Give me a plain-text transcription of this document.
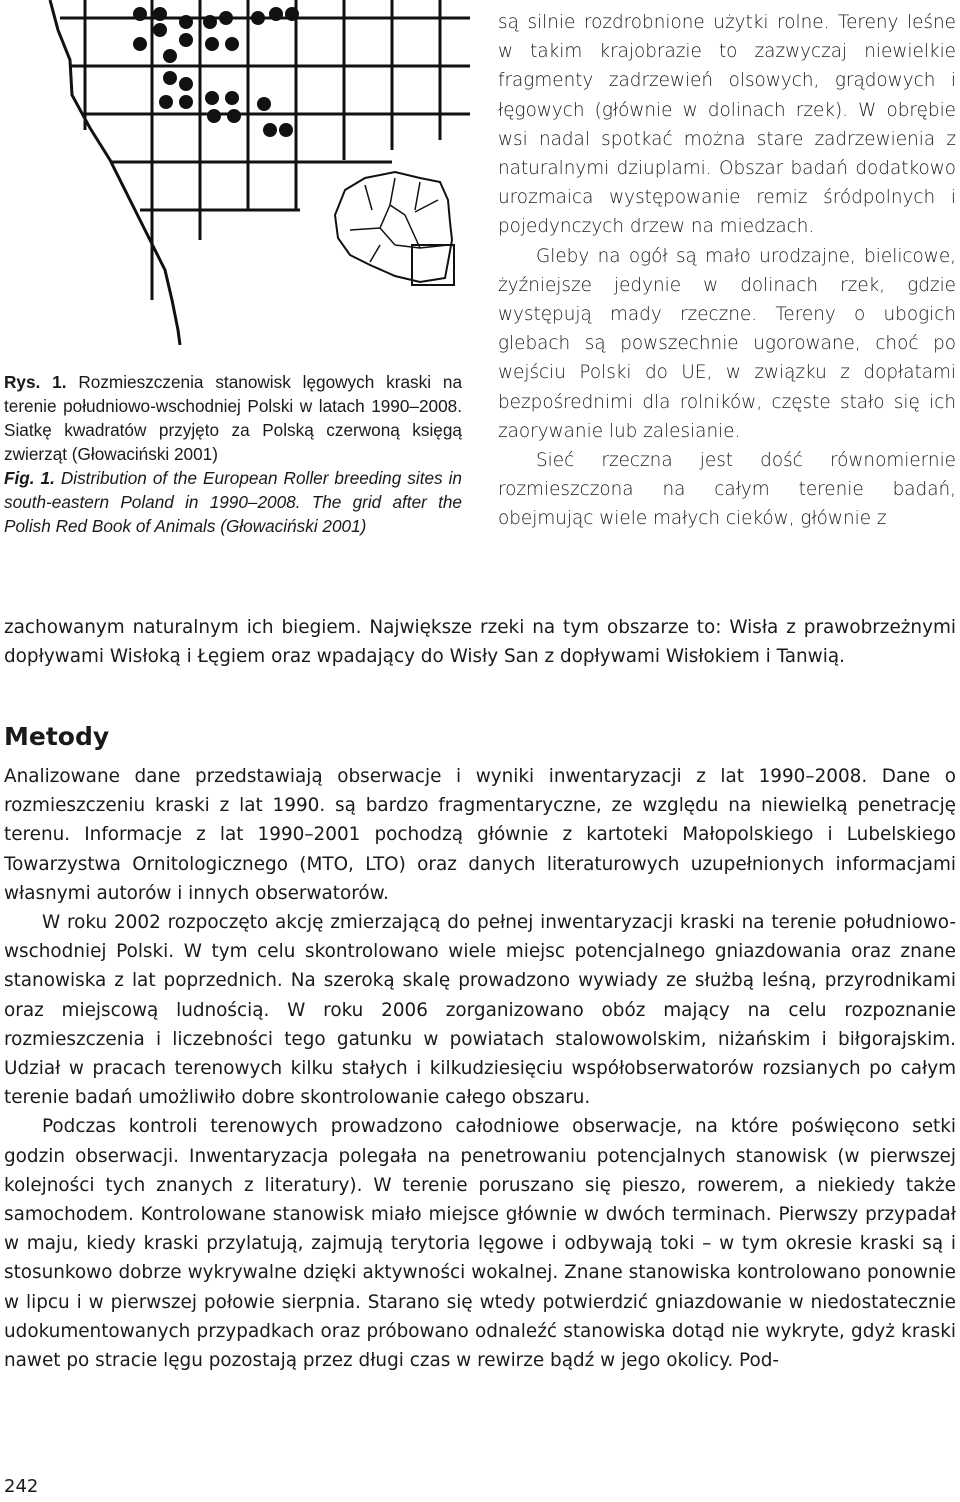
Rys. 1. Rozmieszczenia stanowisk lęgowych kraski na terenie południowo-wschodniej Polski w latach 1990–2008. Siatkę kwadratów przyjęto za Polską czerwoną księgą zwierząt (Głowaciński 2001)

Fig. 1. Distribution of the European Roller breeding sites in south-eastern Poland in 1990–2008. The grid after the Polish Red Book of Animals (Głowaciński 2001)

są silnie rozdrobnione użytki rolne. Tereny leśne w takim krajobrazie to zazwyczaj niewielkie fragmenty zadrzewień olsowych, grądowych i łęgowych (głównie w dolinach rzek). W obrębie wsi nadal spotkać można stare zadrzewienia z naturalnymi dziuplami. Obszar badań dodatkowo urozmaica występowanie remiz śródpolnych i pojedynczych drzew na miedzach.

Gleby na ogół są mało urodzajne, bielicowe, żyźniejsze jedynie w dolinach rzek, gdzie występują mady rzeczne. Tereny o ubogich glebach są powszechnie ugorowane, choć po wejściu Polski do UE, w związku z dopłatami bezpośrednimi dla rolników, częste stało się ich zaorywanie lub zalesianie.

Sieć rzeczna jest dość równomiernie rozmieszczona na całym terenie badań, obejmując wiele małych cieków, głównie z

zachowanym naturalnym ich biegiem. Największe rzeki na tym obszarze to: Wisła z prawobrzeżnymi dopływami Wisłoką i Łęgiem oraz wpadający do Wisły San z dopływami Wisłokiem i Tanwią.

Metody

Analizowane dane przedstawiają obserwacje i wyniki inwentaryzacji z lat 1990–2008. Dane o rozmieszczeniu kraski z lat 1990. są bardzo fragmentaryczne, ze względu na niewielką penetrację terenu. Informacje z lat 1990–2001 pochodzą głównie z kartoteki Małopolskiego i Lubelskiego Towarzystwa Ornitologicznego (MTO, LTO) oraz danych literaturowych uzupełnionych informacjami własnymi autorów i innych obserwatorów.

W roku 2002 rozpoczęto akcję zmierzającą do pełnej inwentaryzacji kraski na terenie południowo-wschodniej Polski. W tym celu skontrolowano wiele miejsc potencjalnego gniazdowania oraz znane stanowiska z lat poprzednich. Na szeroką skalę prowadzono wywiady ze służbą leśną, przyrodnikami oraz miejscową ludnością. W roku 2006 zorganizowano obóz mający na celu rozpoznanie rozmieszczenia i liczebności tego gatunku w powiatach stalowowolskim, niżańskim i biłgorajskim. Udział w pracach terenowych kilku stałych i kilkudziesięciu współobserwatorów rozsianych po całym terenie badań umożliwiło dobre skontrolowanie całego obszaru.

Podczas kontroli terenowych prowadzono całodniowe obserwacje, na które poświęcono setki godzin obserwacji. Inwentaryzacja polegała na penetrowaniu potencjalnych stanowisk (w pierwszej kolejności tych znanych z literatury). W terenie poruszano się pieszo, rowerem, a niekiedy także samochodem. Kontrolowane stanowisk miało miejsce głównie w dwóch terminach. Pierwszy przypadał w maju, kiedy kraski przylatują, zajmują terytoria lęgowe i odbywają toki – w tym okresie kraski są i stosunkowo dobrze wykrywalne dzięki aktywności wokalnej. Znane stanowiska kontrolowano ponownie w lipcu i w pierwszej połowie sierpnia. Starano się wtedy potwierdzić gniazdowanie w niedostatecznie udokumentowanych przypadkach oraz próbowano odnaleźć stanowiska dotąd nie wykryte, gdyż kraski nawet po stracie lęgu pozostają przez długi czas w rewirze bądź w jego okolicy. Pod-

242
